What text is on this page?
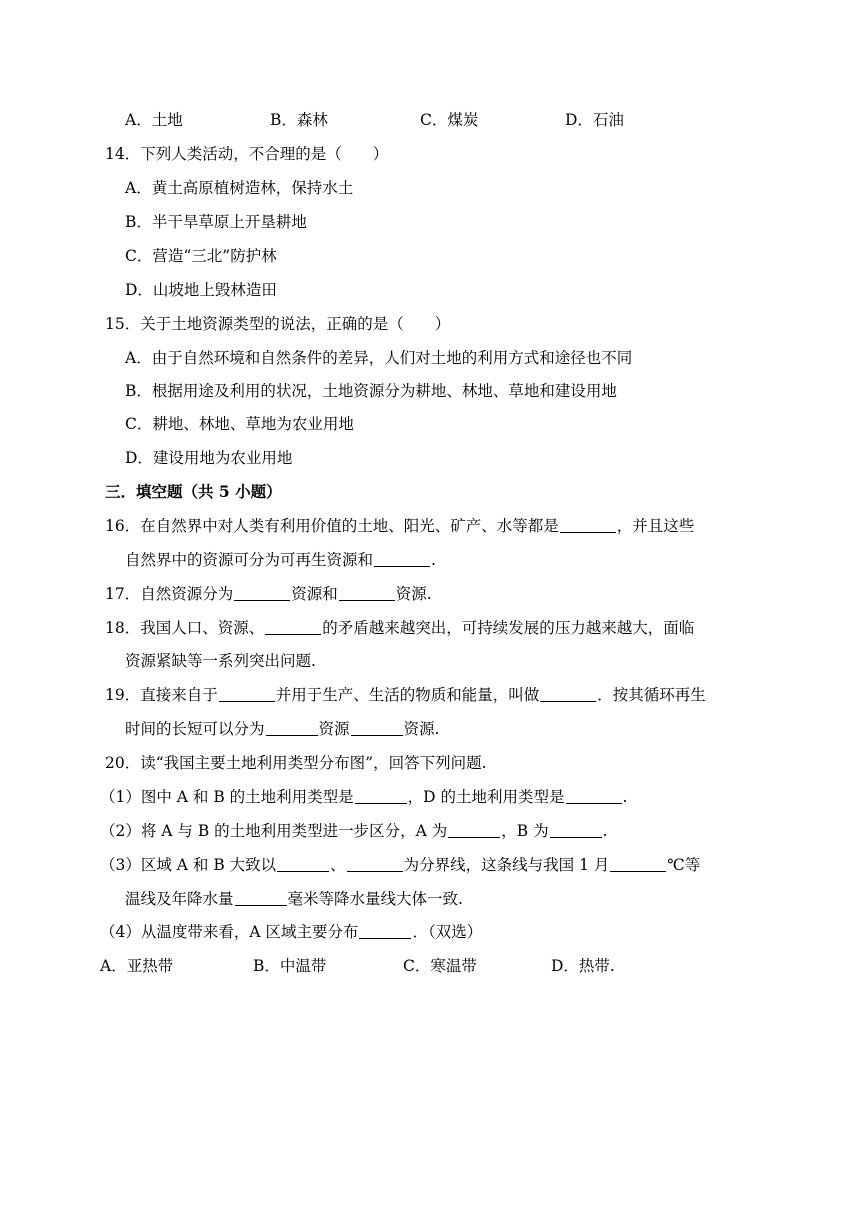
A．土地	B．森林	C．煤炭	D．石油
14．下列人类活动，不合理的是（　　）
A．黄土高原植树造林，保持水土
B．半干旱草原上开垦耕地
C．营造“三北”防护林
D．山坡地上毁林造田
15．关于土地资源类型的说法，正确的是（　　）
A．由于自然环境和自然条件的差异，人们对土地的利用方式和途径也不同
B．根据用途及利用的状况，土地资源分为耕地、林地、草地和建设用地
C．耕地、林地、草地为农业用地
D．建设用地为农业用地
三．填空题（共 5 小题）
16．在自然界中对人类有利用价值的土地、阳光、矿产、水等都是	，并且这些
自然界中的资源可分为可再生资源和	.
17．自然资源分为	资源和	资源.
18．我国人口、资源、	的矛盾越来越突出，可持续发展的压力越来越大，面临
资源紧缺等一系列突出问题.
19．直接来自于	并用于生产、生活的物质和能量，叫做	．按其循环再生
时间的长短可以分为	资源	资源.
20．读“我国主要土地利用类型分布图”，回答下列问题.
（1）图中 A 和 B 的土地利用类型是	，D 的土地利用类型是	.
（2）将 A 与 B 的土地利用类型进一步区分，A 为	，B 为	.
（3）区域 A 和 B 大致以	、	为分界线，这条线与我国 1 月	℃等
温线及年降水量	毫米等降水量线大体一致.
（4）从温度带来看，A 区域主要分布	．（双选）
A．亚热带	B．中温带	C．寒温带	D．热带.
